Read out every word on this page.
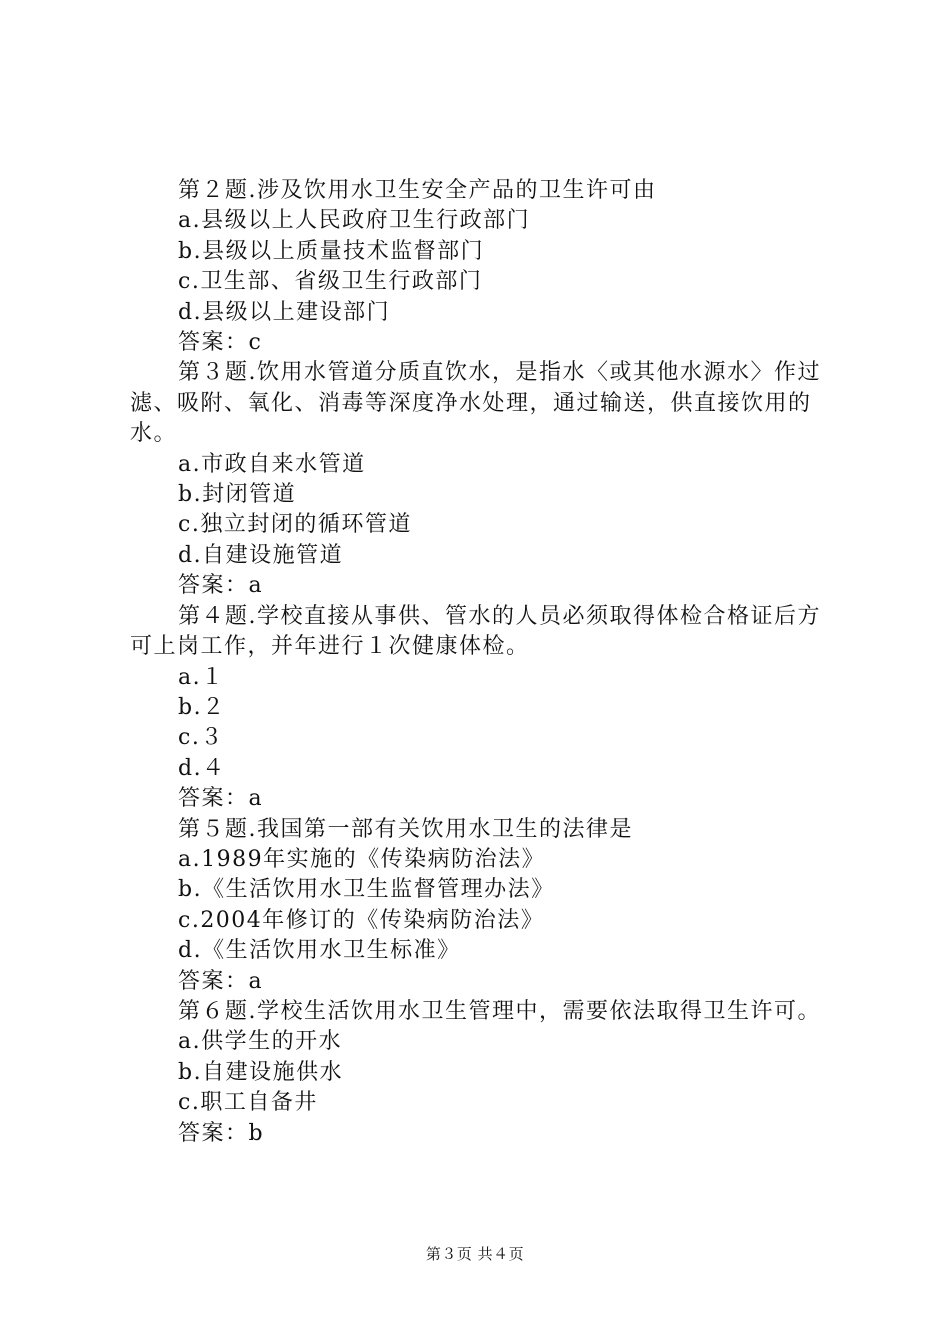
第２题.涉及饮用水卫生安全产品的卫生许可由

a.县级以上人民政府卫生行政部门

b.县级以上质量技术监督部门

c.卫生部、省级卫生行政部门

d.县级以上建设部门

答案：c

第３题.饮用水管道分质直饮水，是指水〈或其他水源水〉作过滤、吸附、氧化、消毒等深度净水处理，通过输送，供直接饮用的水。

a.市政自来水管道

b.封闭管道

c.独立封闭的循环管道

d.自建设施管道

答案：a

第４题.学校直接从事供、管水的人员必须取得体检合格证后方可上岗工作，并年进行１次健康体检。

a.１

b.２

c.３

d.４

答案：a

第５题.我国第一部有关饮用水卫生的法律是

a.1989年实施的《传染病防治法》

b.《生活饮用水卫生监督管理办法》

c.2004年修订的《传染病防治法》

d.《生活饮用水卫生标准》

答案：a

第６题.学校生活饮用水卫生管理中，需要依法取得卫生许可。

a.供学生的开水

b.自建设施供水

c.职工自备井

答案：b

第３页 共４页
